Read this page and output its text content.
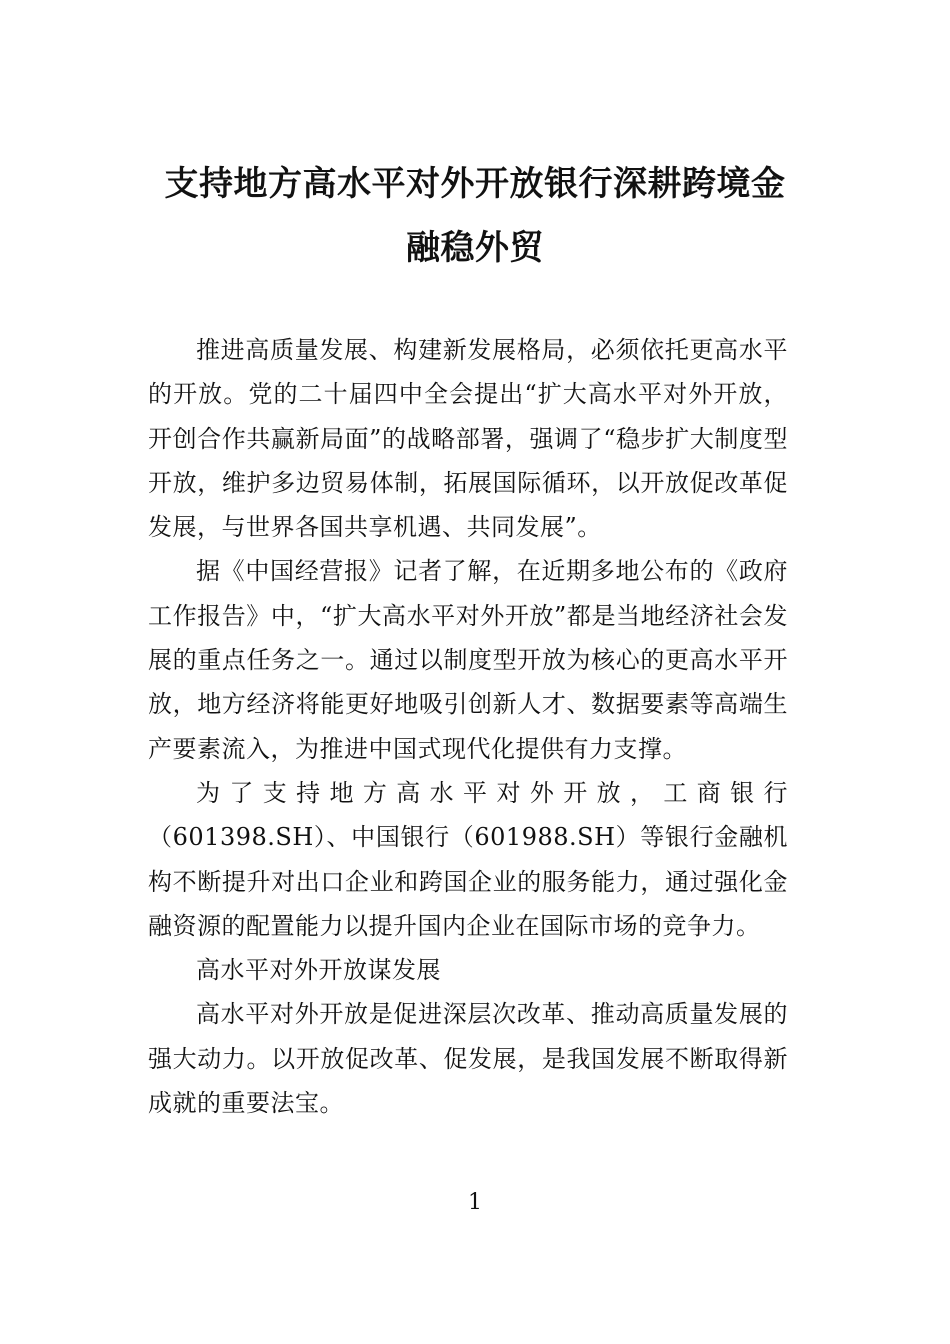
支持地方高水平对外开放银行深耕跨境金
融稳外贸

推进高质量发展、构建新发展格局，必须依托更高水平的开放。党的二十届四中全会提出“扩大高水平对外开放，开创合作共赢新局面”的战略部署，强调了“稳步扩大制度型开放，维护多边贸易体制，拓展国际循环，以开放促改革促发展，与世界各国共享机遇、共同发展”。

据《中国经营报》记者了解，在近期多地公布的《政府工作报告》中，“扩大高水平对外开放”都是当地经济社会发展的重点任务之一。通过以制度型开放为核心的更高水平开放，地方经济将能更好地吸引创新人才、数据要素等高端生产要素流入，为推进中国式现代化提供有力支撑。

为了支持地方高水平对外开放，工商银行（601398.SH）、中国银行（601988.SH）等银行金融机构不断提升对出口企业和跨国企业的服务能力，通过强化金融资源的配置能力以提升国内企业在国际市场的竞争力。

高水平对外开放谋发展

高水平对外开放是促进深层次改革、推动高质量发展的强大动力。以开放促改革、促发展，是我国发展不断取得新成就的重要法宝。

1
